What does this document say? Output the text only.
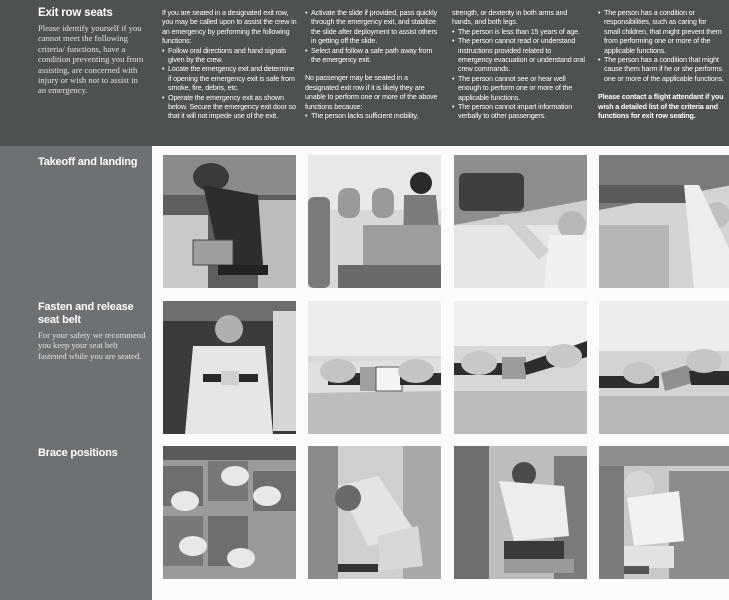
Exit row seats

Please identify yourself if you cannot meet the following criteria/ functions, have a condition preventing you from assisting, are concerned with injury or wish not to assist in an emergency.

If you are seated in a designated exit row, you may be called upon to assist the crew in an emergency by performing the following functions:

• Follow oral directions and hand signals given by the crew.
• Locate the emergency exit and determine if opening the emergency exit is safe from smoke, fire, debris, etc.
• Operate the emergency exit as shown below. Secure the emergency exit door so that it will not impede use of the exit.
• Activate the slide if provided, pass quickly through the emergency exit, and stabilize the slide after deployment to assist others in getting off the slide.
• Select and follow a safe path away from the emergency exit.

No passenger may be seated in a designated exit row if it is likely they are unable to perform one or more of the above functions because:

• The person lacks sufficient mobility,

strength, or dexterity in both arms and hands, and both legs.

• The person is less than 15 years of age.
• The person cannot read or understand instructions provided related to emergency evacuation or understand oral crew commands.
• The person cannot see or hear well enough to perform one or more of the applicable functions.
• The person cannot impart information verbally to other passengers.
• The person has a condition or responsibilities, such as caring for small children, that might prevent them from performing one or more of the applicable functions.
• The person has a condition that might cause them harm if he or she performs one or more of the applicable functions.

Please contact a flight attendant if you wish a detailed list of the criteria and functions for exit row seating.

Takeoff and landing
Fasten and release seat belt

For your safety we recommend you keep your seat belt fastened while you are seated.

Brace positions
